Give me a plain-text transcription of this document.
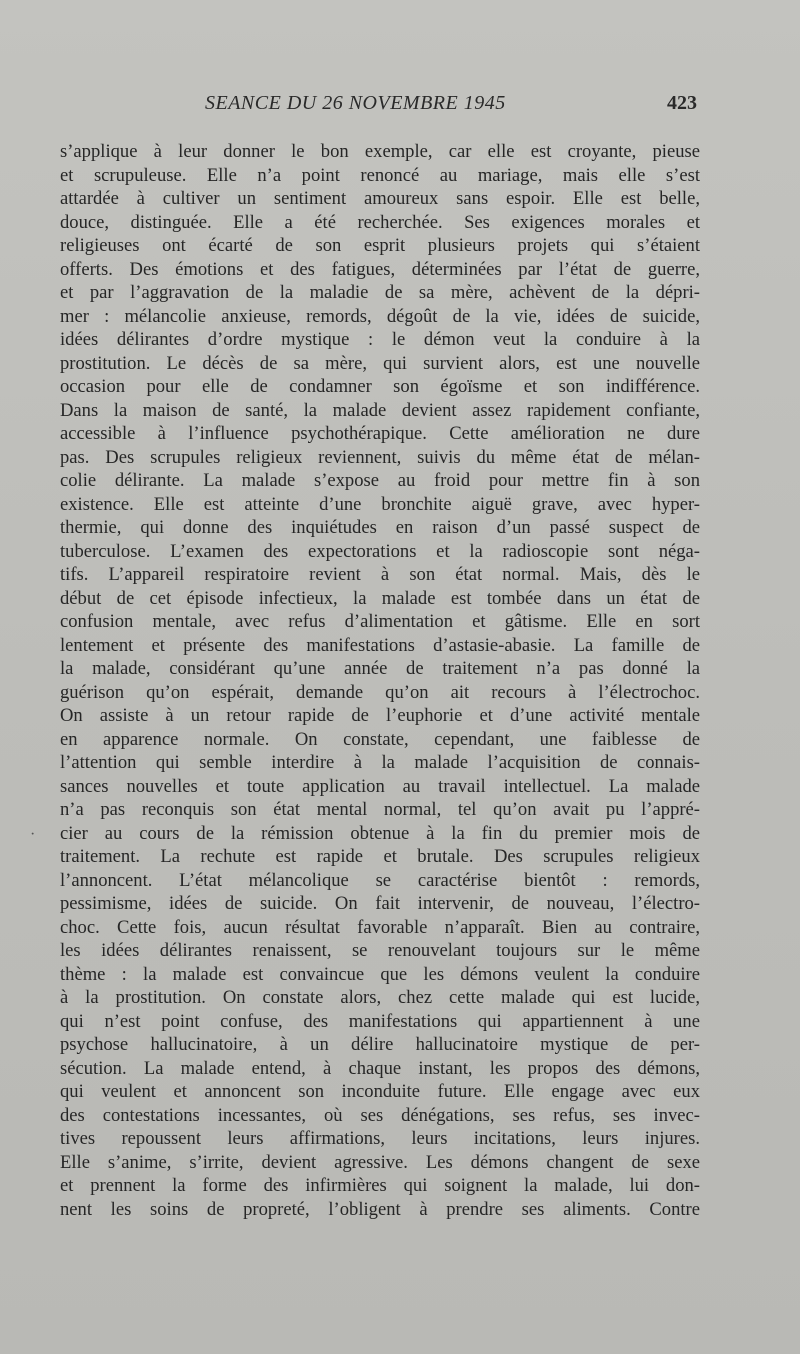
SEANCE DU 26 NOVEMBRE 1945	423
·
s’applique à leur donner le bon exemple, car elle est croyante, pieuse
et scrupuleuse. Elle n’a point renoncé au mariage, mais elle s’est
attardée à cultiver un sentiment amoureux sans espoir. Elle est belle,
douce, distinguée. Elle a été recherchée. Ses exigences morales et
religieuses ont écarté de son esprit plusieurs projets qui s’étaient
offerts. Des émotions et des fatigues, déterminées par l’état de guerre,
et par l’aggravation de la maladie de sa mère, achèvent de la dépri-
mer : mélancolie anxieuse, remords, dégoût de la vie, idées de suicide,
idées délirantes d’ordre mystique : le démon veut la conduire à la
prostitution. Le décès de sa mère, qui survient alors, est une nouvelle
occasion pour elle de condamner son égoïsme et son indifférence.
Dans la maison de santé, la malade devient assez rapidement confiante,
accessible à l’influence psychothérapique. Cette amélioration ne dure
pas. Des scrupules religieux reviennent, suivis du même état de mélan-
colie délirante. La malade s’expose au froid pour mettre fin à son
existence. Elle est atteinte d’une bronchite aiguë grave, avec hyper-
thermie, qui donne des inquiétudes en raison d’un passé suspect de
tuberculose. L’examen des expectorations et la radioscopie sont néga-
tifs. L’appareil respiratoire revient à son état normal. Mais, dès le
début de cet épisode infectieux, la malade est tombée dans un état de
confusion mentale, avec refus d’alimentation et gâtisme. Elle en sort
lentement et présente des manifestations d’astasie-abasie. La famille de
la malade, considérant qu’une année de traitement n’a pas donné la
guérison qu’on espérait, demande qu’on ait recours à l’électrochoc.
On assiste à un retour rapide de l’euphorie et d’une activité mentale
en apparence normale. On constate, cependant, une faiblesse de
l’attention qui semble interdire à la malade l’acquisition de connais-
sances nouvelles et toute application au travail intellectuel. La malade
n’a pas reconquis son état mental normal, tel qu’on avait pu l’appré-
cier au cours de la rémission obtenue à la fin du premier mois de
traitement. La rechute est rapide et brutale. Des scrupules religieux
l’annoncent. L’état mélancolique se caractérise bientôt : remords,
pessimisme, idées de suicide. On fait intervenir, de nouveau, l’électro-
choc. Cette fois, aucun résultat favorable n’apparaît. Bien au contraire,
les idées délirantes renaissent, se renouvelant toujours sur le même
thème : la malade est convaincue que les démons veulent la conduire
à la prostitution. On constate alors, chez cette malade qui est lucide,
qui n’est point confuse, des manifestations qui appartiennent à une
psychose hallucinatoire, à un délire hallucinatoire mystique de per-
sécution. La malade entend, à chaque instant, les propos des démons,
qui veulent et annoncent son inconduite future. Elle engage avec eux
des contestations incessantes, où ses dénégations, ses refus, ses invec-
tives repoussent leurs affirmations, leurs incitations, leurs injures.
Elle s’anime, s’irrite, devient agressive. Les démons changent de sexe
et prennent la forme des infirmières qui soignent la malade, lui don-
nent les soins de propreté, l’obligent à prendre ses aliments. Contre
